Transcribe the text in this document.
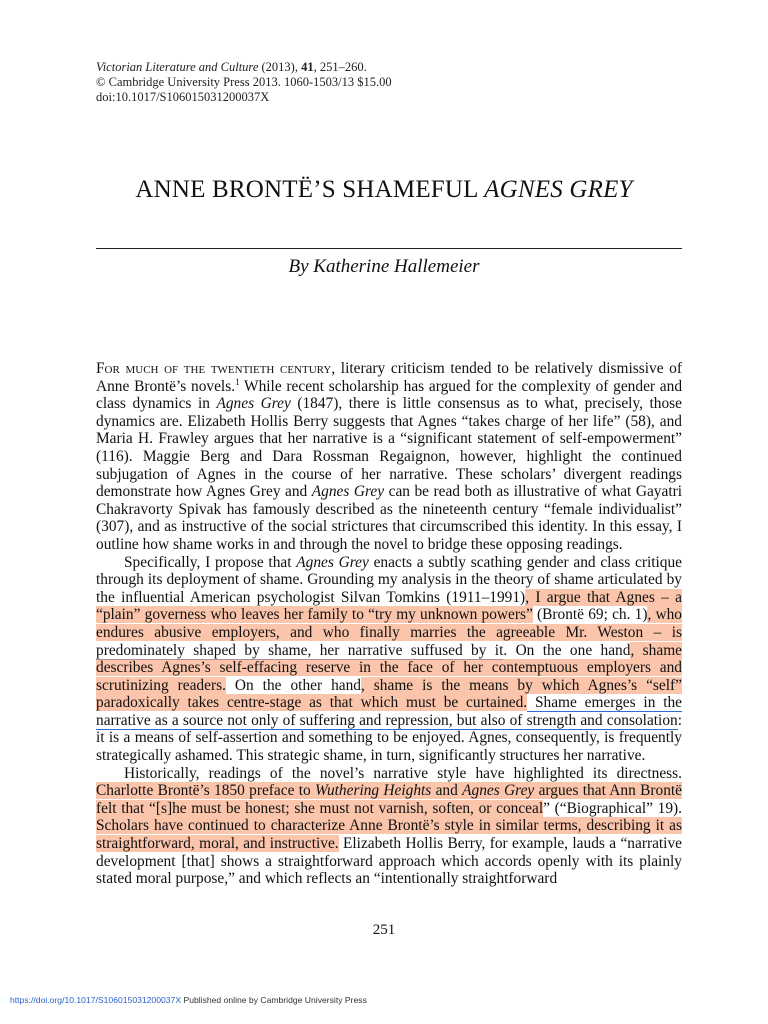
Victorian Literature and Culture (2013), 41, 251–260.
© Cambridge University Press 2013. 1060-1503/13 $15.00
doi:10.1017/S106015031200037X
ANNE BRONTË’S SHAMEFUL AGNES GREY
By Katherine Hallemeier

For much of the twentieth century, literary criticism tended to be relatively dismissive of Anne Brontë’s novels.$^1$ While recent scholarship has argued for the complexity of gender and class dynamics in Agnes Grey (1847), there is little consensus as to what, precisely, those dynamics are. Elizabeth Hollis Berry suggests that Agnes “takes charge of her life” (58), and Maria H. Frawley argues that her narrative is a “significant statement of self-empowerment” (116). Maggie Berg and Dara Rossman Regaignon, however, highlight the continued subjugation of Agnes in the course of her narrative. These scholars’ divergent readings demonstrate how Agnes Grey and Agnes Grey can be read both as illustrative of what Gayatri Chakravorty Spivak has famously described as the nineteenth century “female individualist” (307), and as instructive of the social strictures that circumscribed this identity. In this essay, I outline how shame works in and through the novel to bridge these opposing readings.

Specifically, I propose that Agnes Grey enacts a subtly scathing gender and class critique through its deployment of shame. Grounding my analysis in the theory of shame articulated by the influential American psychologist Silvan Tomkins (1911–1991), I argue that Agnes – a “plain” governess who leaves her family to “try my unknown powers” (Brontë 69; ch. 1), who endures abusive employers, and who finally marries the agreeable Mr. Weston – is predominately shaped by shame, her narrative suffused by it. On the one hand, shame describes Agnes’s self-effacing reserve in the face of her contemptuous employers and scrutinizing readers. On the other hand, shame is the means by which Agnes’s “self” paradoxically takes centre-stage as that which must be curtained. Shame emerges in the narrative as a source not only of suffering and repression, but also of strength and consolation: it is a means of self-assertion and something to be enjoyed. Agnes, consequently, is frequently strategically ashamed. This strategic shame, in turn, significantly structures her narrative.

Historically, readings of the novel’s narrative style have highlighted its directness. Charlotte Brontë’s 1850 preface to Wuthering Heights and Agnes Grey argues that Ann Brontë felt that “[s]he must be honest; she must not varnish, soften, or conceal” (“Biographical” 19). Scholars have continued to characterize Anne Brontë’s style in similar terms, describing it as straightforward, moral, and instructive. Elizabeth Hollis Berry, for example, lauds a “narrative development [that] shows a straightforward approach which accords openly with its plainly stated moral purpose,” and which reflects an “intentionally straightforward

251
https://doi.org/10.1017/S106015031200037X Published online by Cambridge University Press
